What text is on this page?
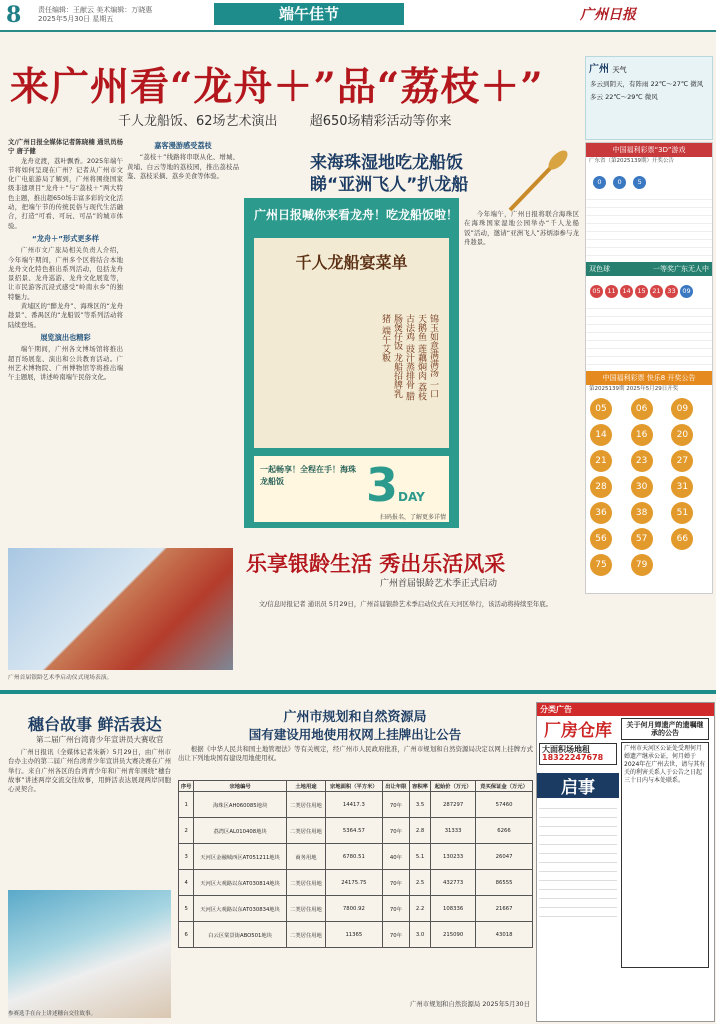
8 责任编辑：王献云 美术编辑：万晓惠
2025年5月30日 星期五	端午佳节	广州日报
来广州看“龙舟＋”品“荔枝＋”
千人龙船饭、62场艺术演出 超650场精彩活动等你来

文/广州日报全媒体记者陈晓楠 通讯员杨宁 唐子健

龙舟竞渡，荔叶飘香。2025年端午节将如何呈现在广州？记者从广州市文化广电旅游局了解到，广州将围绕国家级非遗项目“龙舟＋”与“荔枝＋”两大特色主题，推出超650场丰富多彩的文化活动，把端午节的传统民俗与现代生活融合，打造“可看、可玩、可品”的城市体验。

“龙舟＋”形式更多样

广州市文广旅局相关负责人介绍，今年端午期间，广州多个区将结合本地龙舟文化特色推出系列活动，包括龙舟景招景、龙舟巡游、龙舟文化展览等，让市民游客沉浸式感受“岭南水乡”的独特魅力。

黄埔区的“醉龙舟”、海珠区的“龙舟趁景”、番禺区的“龙船饭”等系列活动将陆续登场。

展览演出也精彩

端午期间，广州各文博场馆将推出超百场展览、演出和公共教育活动。广州艺术博物院、广州博物馆等将推出端午主题展，讲述岭南端午民俗文化。

嘉客漫游感受荔枝

“荔枝＋”线路将串联从化、增城、黄埔、白云等地的荔枝园，推出荔枝品鉴、荔枝采摘、荔乡美食等体验。

广州 天气
多云到阴天，有阵雨 22℃～27℃ 微风
多云 22℃～29℃ 微风
中国福利彩票“3D”游戏
广东省（第2025139期）开奖公告
0 0 5
双色球	一等奖广东无人中
05 11 14 15 21 33 09
中国福利彩票 快乐8 开奖公告
第2025139期 2025年5月29日开奖
05	06	09
14	16	20
21	23	27
28	30	31
36	38	51
56	57	66
75	79
来海珠湿地吃龙船饭
睇“亚洲飞人”扒龙船
广州日报喊你来看龙舟！吃龙船饭啦！
千人龙船宴菜单
锦玉如意满满汤 一口天鹅鱼 莲藕焖肉 荔枝古法鸡 豉汁蒸排骨 腊肠煲仔饭 龙船招牌乳猪 端午艾粄
一起畅享！全程在手！海珠龙船饭	3DAY

今年端午，广州日报将联合海珠区在海珠国家湿地公园举办“千人龙船饭”活动，邀请“亚洲飞人”苏炳添参与龙舟趁景。

扫码报名，了解更多详情
广州首届银龄艺术季启动仪式现场表演。
乐享银龄生活 秀出乐活风采
广州首届银龄艺术季正式启动

文/信息时报记者 通讯员 5月29日，广州首届银龄艺术季启动仪式在天河区举行，该活动将持续至年底。

穗台故事 鲜活表达
第二届广州台湾青少年宣讲员大赛收官

广州日报讯（全媒体记者朱新）5月29日，由广州市台办主办的第二届广州台湾青少年宣讲员大赛决赛在广州举行。来自广州各区的台湾青少年和广州青年围绕“穗台故事”讲述两岸交流交往故事，用鲜活表达展现两岸同胞心灵契合。

参赛选手在台上讲述穗台交往故事。
广州市规划和自然资源局
国有建设用地使用权网上挂牌出让公告

根据《中华人民共和国土地管理法》等有关规定，经广州市人民政府批准，广州市规划和自然资源局决定以网上挂牌方式出让下列地块国有建设用地使用权。

序号	宗地编号	土地用途	宗地面积（平方米）	出让年限	容积率	起始价（万元）	竞买保证金（万元）
1	海珠区AH060085地块	二类居住用地	14417.3	70年	3.5	287297	57460
2	荔湾区AL010408地块	二类居住用地	5364.57	70年	2.8	31333	6266
3	天河区金融城西区AT051211地块	商务用地	6780.51	40年	5.1	130233	26047
4	天河区大观路以东AT030814地块	二类居住用地	24175.75	70年	2.5	432773	86555
5	天河区大观路以东AT030834地块	二类居住用地	7800.92	70年	2.2	108336	21667
6	白云区棠景街ABO501地块	二类居住用地	11365	70年	3.0	215090	43018
广州市规划和自然资源局 2025年5月30日
分类广告
厂房仓库
大面积场地租
18322247678
启事
关于何月婵遗产的遗嘱继承的公告
广州市天河区公证处受理何月婵遗产继承公证，何月婵于2024年在广州去世，请与其有关的利害关系人于公告之日起三十日内与本处联系。
